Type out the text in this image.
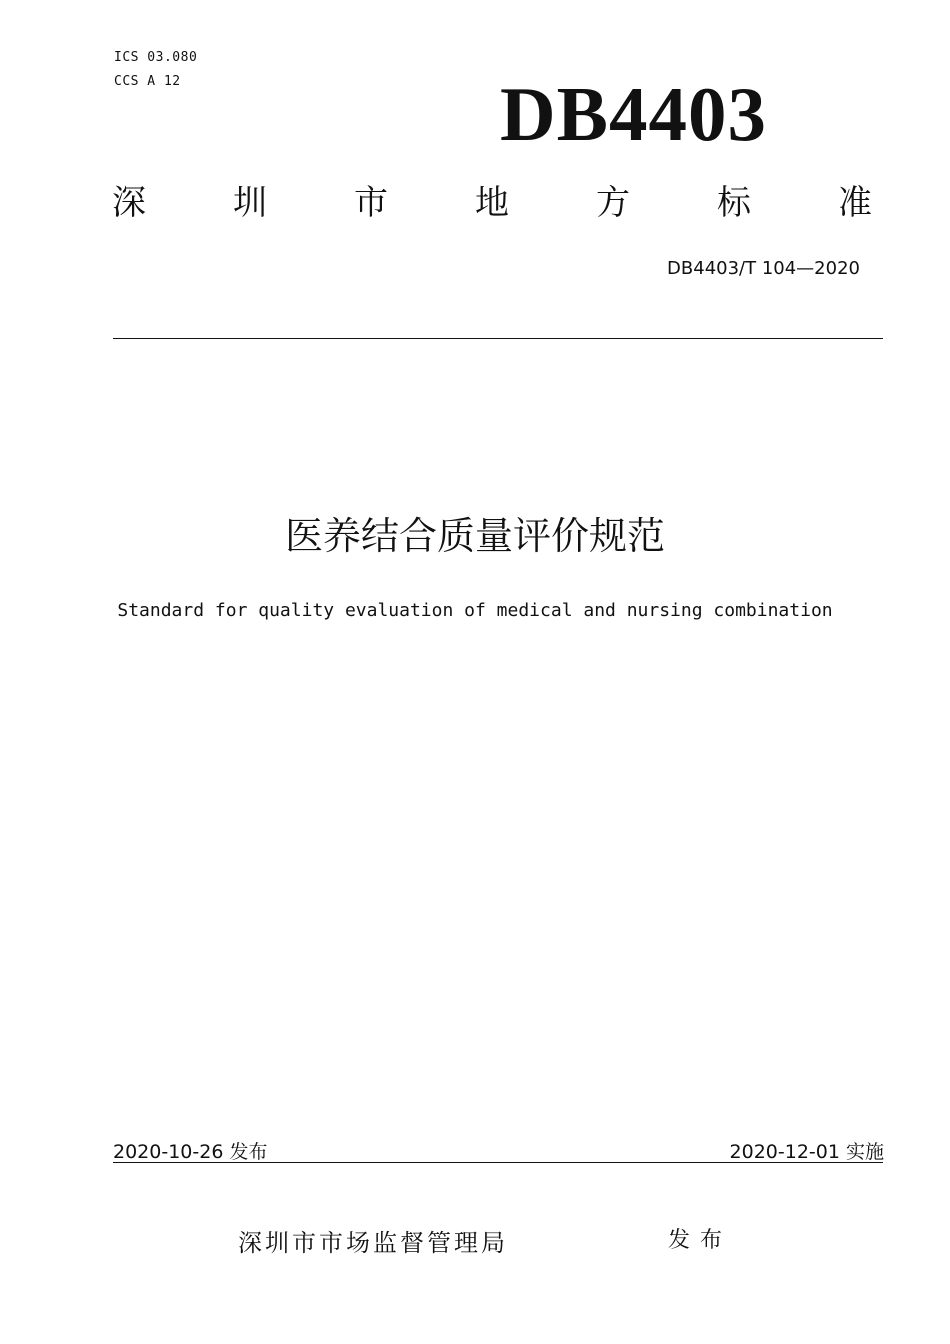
ICS 03.080
CCS A 12	DB4403
深	圳	市	地	方	标	准
DB4403/T 104—2020
医养结合质量评价规范
Standard for quality evaluation of medical and nursing combination
2020-10-26 发布	2020-12-01 实施
深圳市市场监督管理局	发布
